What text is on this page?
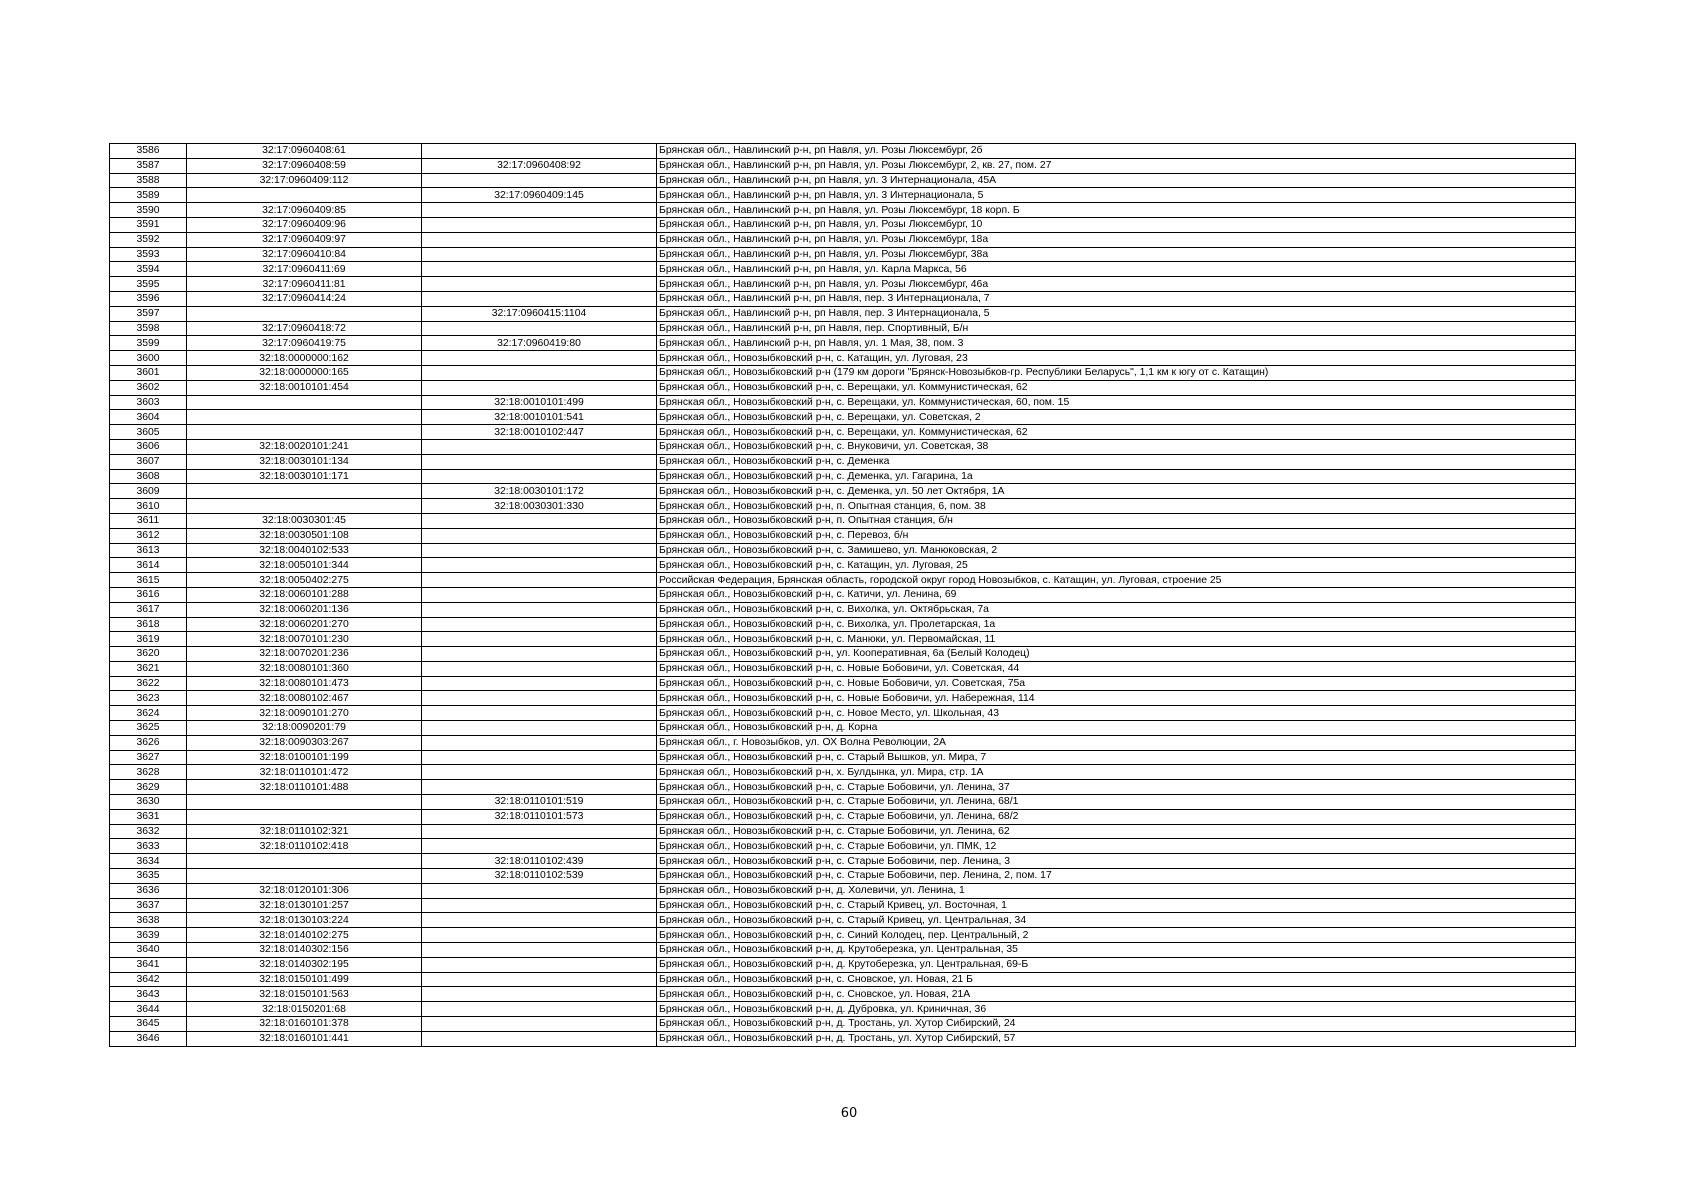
3586	32:17:0960408:61		Брянская обл., Навлинский р-н, рп Навля, ул. Розы Люксембург, 2б
3587	32:17:0960408:59	32:17:0960408:92	Брянская обл., Навлинский р-н, рп Навля, ул. Розы Люксембург, 2, кв. 27, пом. 27
3588	32:17:0960409:112		Брянская обл., Навлинский р-н, рп Навля, ул. 3 Интернационала, 45А
3589		32:17:0960409:145	Брянская обл., Навлинский р-н, рп Навля, ул. 3 Интернационала, 5
3590	32:17:0960409:85		Брянская обл., Навлинский р-н, рп Навля, ул. Розы Люксембург, 18 корп. Б
3591	32:17:0960409:96		Брянская обл., Навлинский р-н, рп Навля, ул. Розы Люксембург, 10
3592	32:17:0960409:97		Брянская обл., Навлинский р-н, рп Навля, ул. Розы Люксембург, 18а
3593	32:17:0960410:84		Брянская обл., Навлинский р-н, рп Навля, ул. Розы Люксембург, 38а
3594	32:17:0960411:69		Брянская обл., Навлинский р-н, рп Навля, ул. Карла Маркса, 56
3595	32:17:0960411:81		Брянская обл., Навлинский р-н, рп Навля, ул. Розы Люксембург, 46а
3596	32:17:0960414:24		Брянская обл., Навлинский р-н, рп Навля, пер. 3 Интернационала, 7
3597		32:17:0960415:1104	Брянская обл., Навлинский р-н, рп Навля, пер. 3 Интернационала, 5
3598	32:17:0960418:72		Брянская обл., Навлинский р-н, рп Навля, пер. Спортивный, Б/н
3599	32:17:0960419:75	32:17:0960419:80	Брянская обл., Навлинский р-н, рп Навля, ул. 1 Мая, 38, пом. 3
3600	32:18:0000000:162		Брянская обл., Новозыбковский р-н, с. Катащин, ул. Луговая, 23
3601	32:18:0000000:165		Брянская обл., Новозыбковский р-н (179 км дороги "Брянск-Новозыбков-гр. Республики Беларусь", 1,1 км к югу от с. Катащин)
3602	32:18:0010101:454		Брянская обл., Новозыбковский р-н, с. Верещаки, ул. Коммунистическая, 62
3603		32:18:0010101:499	Брянская обл., Новозыбковский р-н, с. Верещаки, ул. Коммунистическая, 60, пом. 15
3604		32:18:0010101:541	Брянская обл., Новозыбковский р-н, с. Верещаки, ул. Советская, 2
3605		32:18:0010102:447	Брянская обл., Новозыбковский р-н, с. Верещаки, ул. Коммунистическая, 62
3606	32:18:0020101:241		Брянская обл., Новозыбковский р-н, с. Внуковичи, ул. Советская, 38
3607	32:18:0030101:134		Брянская обл., Новозыбковский р-н, с. Деменка
3608	32:18:0030101:171		Брянская обл., Новозыбковский р-н, с. Деменка, ул. Гагарина, 1а
3609		32:18:0030101:172	Брянская обл., Новозыбковский р-н, с. Деменка, ул. 50 лет Октября, 1А
3610		32:18:0030301:330	Брянская обл., Новозыбковский р-н, п. Опытная станция, 6, пом. 38
3611	32:18:0030301:45		Брянская обл., Новозыбковский р-н, п. Опытная станция, б/н
3612	32:18:0030501:108		Брянская обл., Новозыбковский р-н, с. Перевоз, б/н
3613	32:18:0040102:533		Брянская обл., Новозыбковский р-н, с. Замишево, ул. Манюковская, 2
3614	32:18:0050101:344		Брянская обл., Новозыбковский р-н, с. Катащин, ул. Луговая, 25
3615	32:18:0050402:275		Российская Федерация, Брянская область, городской округ город Новозыбков, с. Катащин, ул. Луговая, строение 25
3616	32:18:0060101:288		Брянская обл., Новозыбковский р-н, с. Катичи, ул. Ленина, 69
3617	32:18:0060201:136		Брянская обл., Новозыбковский р-н, с. Вихолка, ул. Октябрьская, 7а
3618	32:18:0060201:270		Брянская обл., Новозыбковский р-н, с. Вихолка, ул. Пролетарская, 1а
3619	32:18:0070101:230		Брянская обл., Новозыбковский р-н, с. Манюки, ул. Первомайская, 11
3620	32:18:0070201:236		Брянская обл., Новозыбковский р-н, ул. Кооперативная, 6а (Белый Колодец)
3621	32:18:0080101:360		Брянская обл., Новозыбковский р-н, с. Новые Бобовичи, ул. Советская, 44
3622	32:18:0080101:473		Брянская обл., Новозыбковский р-н, с. Новые Бобовичи, ул. Советская, 75а
3623	32:18:0080102:467		Брянская обл., Новозыбковский р-н, с. Новые Бобовичи, ул. Набережная, 114
3624	32:18:0090101:270		Брянская обл., Новозыбковский р-н, с. Новое Место, ул. Школьная, 43
3625	32:18:0090201:79		Брянская обл., Новозыбковский р-н, д. Корна
3626	32:18:0090303:267		Брянская обл., г. Новозыбков, ул. ОХ Волна Революции, 2А
3627	32:18:0100101:199		Брянская обл., Новозыбковский р-н, с. Старый Вышков, ул. Мира, 7
3628	32:18:0110101:472		Брянская обл., Новозыбковский р-н, х. Булдынка, ул. Мира, стр. 1А
3629	32:18:0110101:488		Брянская обл., Новозыбковский р-н, с. Старые Бобовичи, ул. Ленина, 37
3630		32:18:0110101:519	Брянская обл., Новозыбковский р-н, с. Старые Бобовичи, ул. Ленина, 68/1
3631		32:18:0110101:573	Брянская обл., Новозыбковский р-н, с. Старые Бобовичи, ул. Ленина, 68/2
3632	32:18:0110102:321		Брянская обл., Новозыбковский р-н, с. Старые Бобовичи, ул. Ленина, 62
3633	32:18:0110102:418		Брянская обл., Новозыбковский р-н, с. Старые Бобовичи, ул. ПМК, 12
3634		32:18:0110102:439	Брянская обл., Новозыбковский р-н, с. Старые Бобовичи, пер. Ленина, 3
3635		32:18:0110102:539	Брянская обл., Новозыбковский р-н, с. Старые Бобовичи, пер. Ленина, 2, пом. 17
3636	32:18:0120101:306		Брянская обл., Новозыбковский р-н, д. Холевичи, ул. Ленина, 1
3637	32:18:0130101:257		Брянская обл., Новозыбковский р-н, с. Старый Кривец, ул. Восточная, 1
3638	32:18:0130103:224		Брянская обл., Новозыбковский р-н, с. Старый Кривец, ул. Центральная, 34
3639	32:18:0140102:275		Брянская обл., Новозыбковский р-н, с. Синий Колодец, пер. Центральный, 2
3640	32:18:0140302:156		Брянская обл., Новозыбковский р-н, д. Крутоберезка, ул. Центральная, 35
3641	32:18:0140302:195		Брянская обл., Новозыбковский р-н, д. Крутоберезка, ул. Центральная, 69-Б
3642	32:18:0150101:499		Брянская обл., Новозыбковский р-н, с. Сновское, ул. Новая, 21 Б
3643	32:18:0150101:563		Брянская обл., Новозыбковский р-н, с. Сновское, ул. Новая, 21А
3644	32:18:0150201:68		Брянская обл., Новозыбковский р-н, д. Дубровка, ул. Криничная, 36
3645	32:18:0160101:378		Брянская обл., Новозыбковский р-н, д. Тростань, ул. Хутор Сибирский, 24
3646	32:18:0160101:441		Брянская обл., Новозыбковский р-н, д. Тростань, ул. Хутор Сибирский, 57
60
